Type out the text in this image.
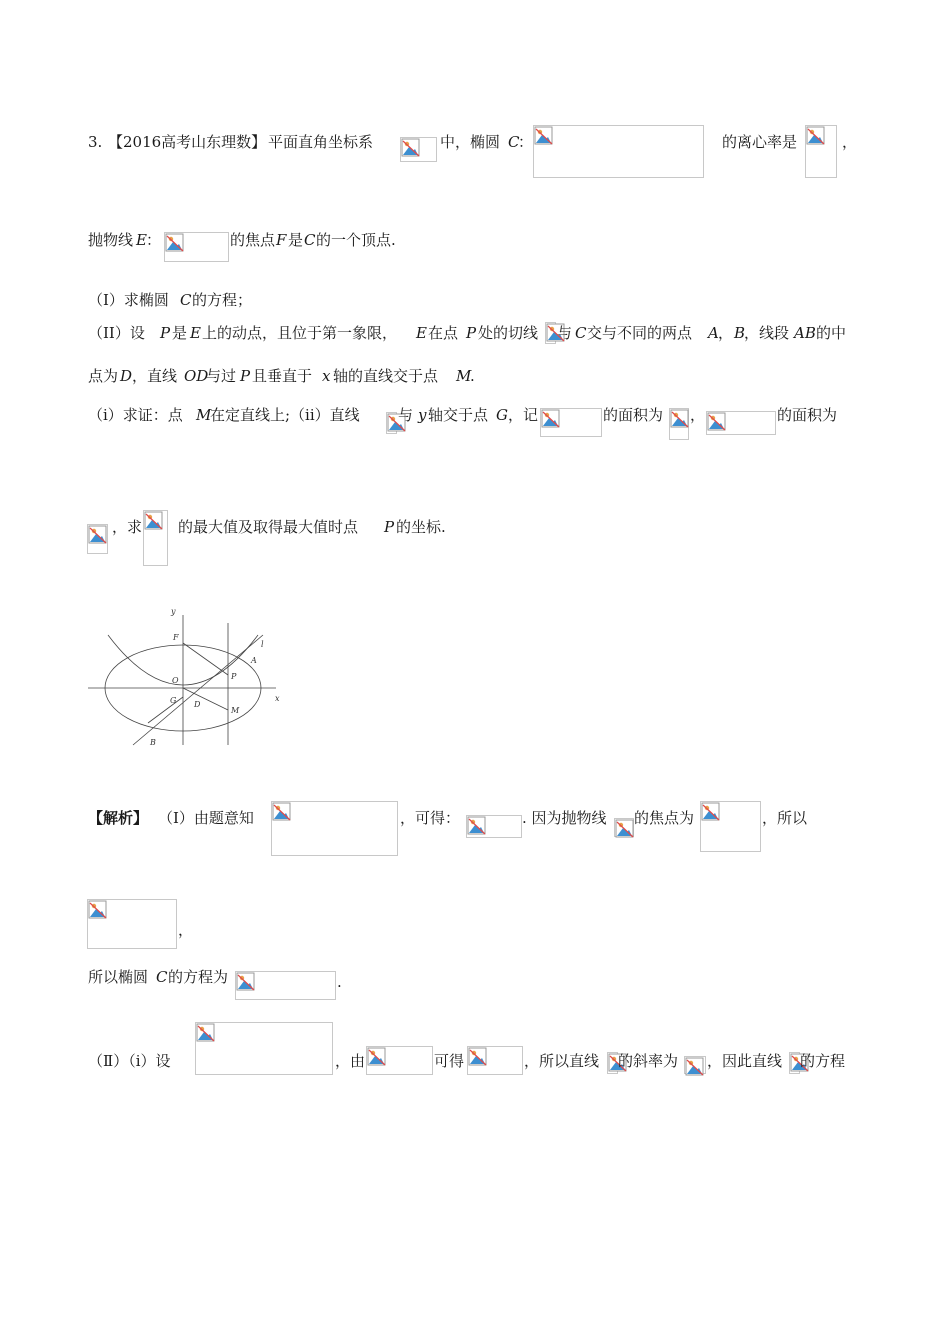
3. 【2016高考山东理数】 平面直角坐标系	中，椭圆 C
：	的离心率是	，
抛物线 E ：	的焦点 F 是 C 的一个顶点.
（I）求椭圆 C 的方程；
（II）设 P 是 E 上的动点，且位于第一象限， E 在点 P 处的切线 与 C 交与不同的两点 A ， B
，线段 AB 的中
点为 D ，直线 OD
与过 P 且垂直于 x 轴的直线交于点 M
.
（i）求证：点 M
在定直线上;（ii）直线	与 y 轴交于点 G ，记	的面积为 ，	的面积为
，求 的最大值及取得最大值时点 P 的坐标.
y
x
F
O
G D
P
A
M
B
l
【解析】 （Ⅰ）由题意知	，可得：	. 因为抛物线 的焦点为	，所以
，
所以椭圆 C 的方程为	.
（Ⅱ）（i）设	，由	可得	，所以直线 的斜率为 ，因此直线 的方程
